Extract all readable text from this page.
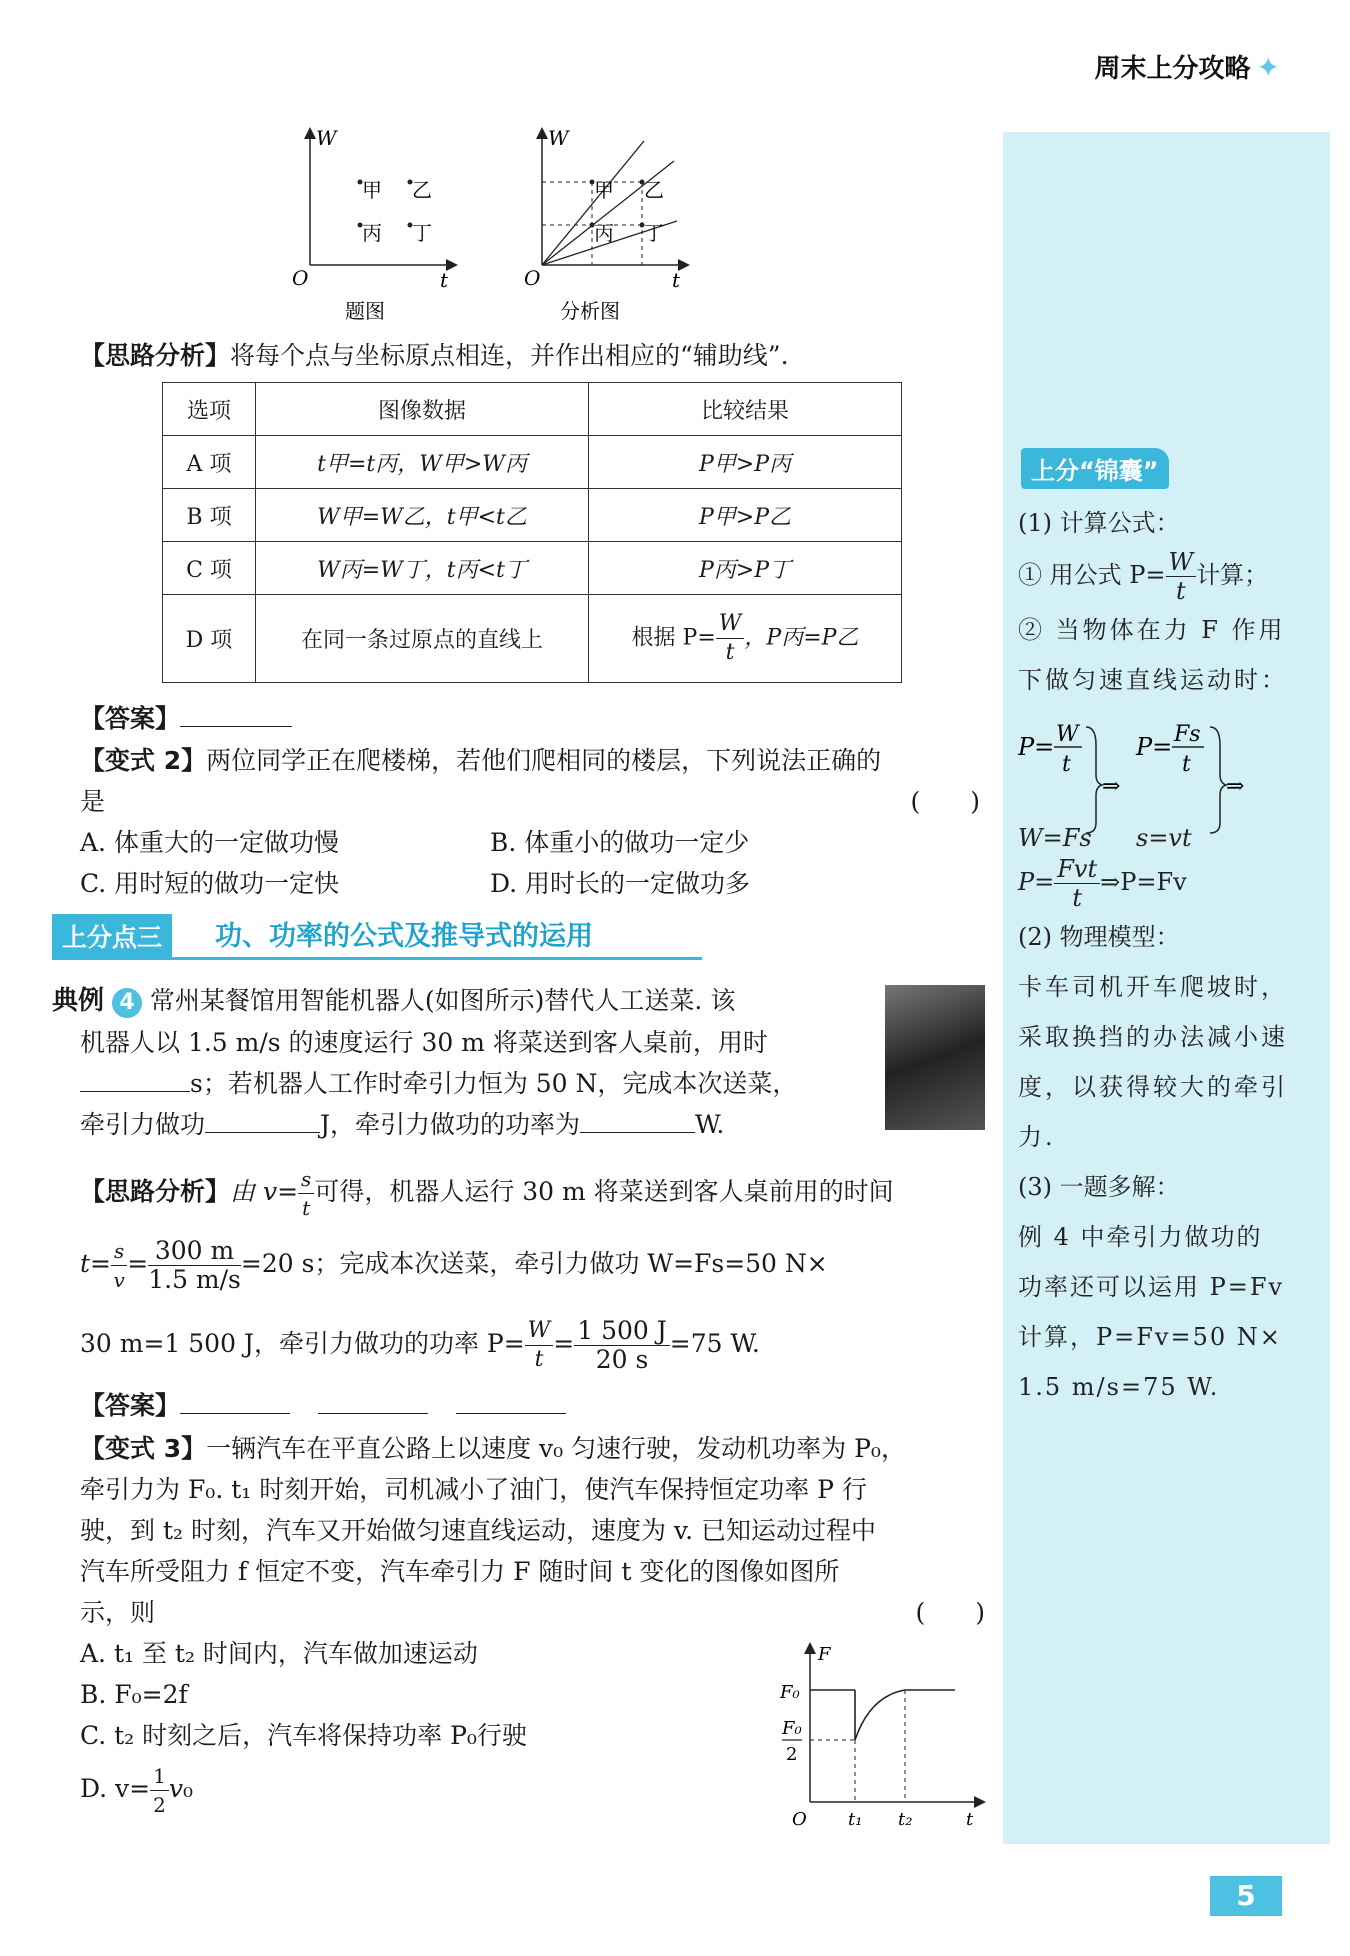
周末上分攻略 ✦
上分“锦囊”

(1) 计算公式：

① 用公式 $P= \frac{W}{t}$ 计算；

② 当物体在力 F 作用下做匀速直线运动时：

P= W
t
⇒
P= Fs
t
⇒
W=Fs s=vt

$P= \frac{\text{Fvt}}{t}$ ⇒P=Fv

(2) 物理模型：

卡车司机开车爬坡时，采取换挡的办法减小速度，以获得较大的牵引力.

(3) 一题多解：

例 4 中牵引力做功的功率还可以运用 P=Fv 计算，P=Fv=50 N× 1.5 m/s=75 W.

5
W
t
O
甲 乙
丙 丁
题图
W
t
O
甲 乙
丙 丁
分析图
【思路分析】将每个点与坐标原点相连，并作出相应的“辅助线”.
选项	图像数据	比较结果
A 项	t甲=t丙，W甲>W丙	P甲>P丙
B 项	W甲=W乙，t甲<t乙	P甲>P乙
C 项	W丙=W丁，t丙<t丁	P丙>P丁
D 项	在同一条过原点的直线上	根据 $P= \frac{W}{t}$ ，P丙=P乙
【答案】
【变式 2】两位同学正在爬楼梯，若他们爬相同的楼层，下列说法正确的
是	(　　)
A. 体重大的一定做功慢	B. 体重小的做功一定少
C. 用时短的做功一定快	D. 用时长的一定做功多
上分点三	功、功率的公式及推导式的运用
典例 4 常州某餐馆用智能机器人(如图所示)替代人工送菜. 该
机器人以 1.5 m/s 的速度运行 30 m 将菜送到客人桌前，用时
s；若机器人工作时牵引力恒为 50 N，完成本次送菜，
牵引力做功	J，牵引力做功的功率为	W.
【思路分析】由 $v= \frac{s}{t}$ 可得，机器人运行 30 m 将菜送到客人桌前用的时间
$t= \frac{s}{v} = \frac{300 m}{1.5 m/s} =20$ s；完成本次送菜，牵引力做功 W=Fs=50 N×
30 m=1 500 J，牵引力做功的功率 $P= \frac{W}{t} = \frac{1 500 J}{20 s} =75$ W.
【答案】
【变式 3】一辆汽车在平直公路上以速度 v₀ 匀速行驶，发动机功率为 P₀，
牵引力为 F₀. t₁ 时刻开始，司机减小了油门，使汽车保持恒定功率 P 行
驶，到 t₂ 时刻，汽车又开始做匀速直线运动，速度为 v. 已知运动过程中
汽车所受阻力 f 恒定不变，汽车牵引力 F 随时间 t 变化的图像如图所
示，则	(　　)
A. t₁ 至 t₂ 时间内，汽车做加速运动
B. F₀=2f
C. t₂ 时刻之后，汽车将保持功率 P₀行驶
D. $v= \frac{1}{2} v_0$
F
F₀
F₀
2
O t₁ t₂	t
